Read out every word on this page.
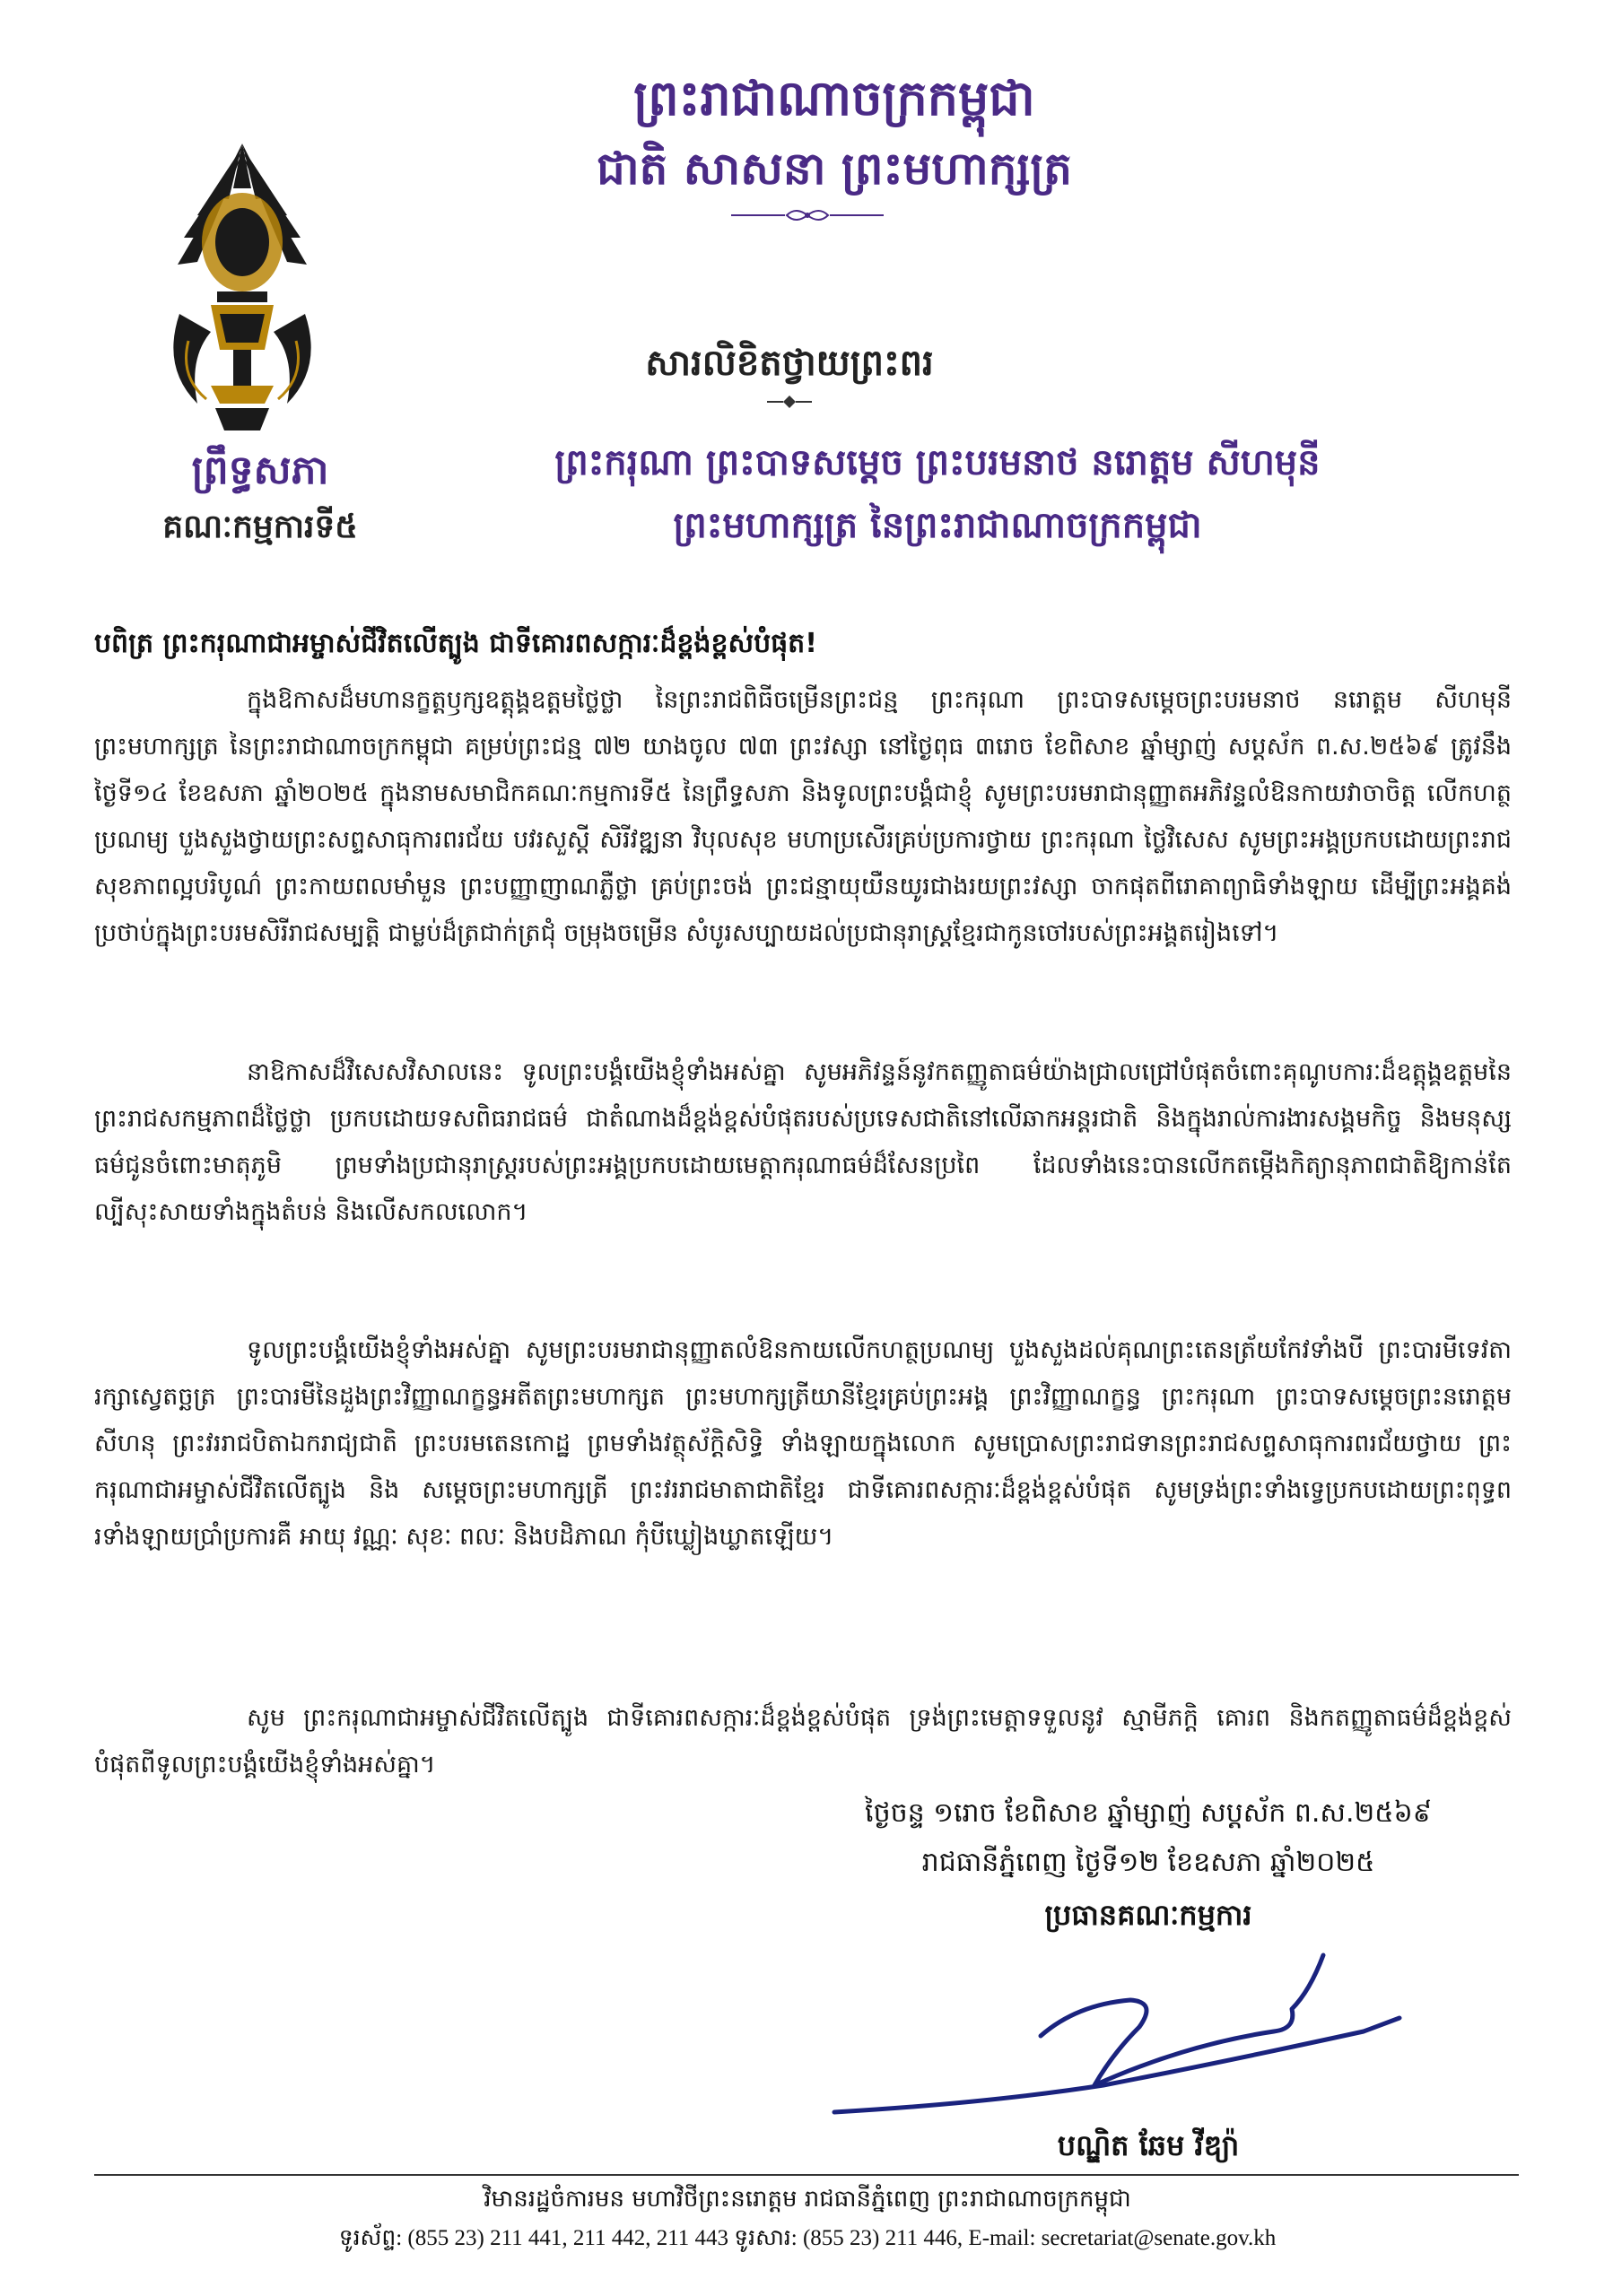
ព្រះរាជាណាចក្រកម្ពុជា
ជាតិ សាសនា ព្រះមហាក្សត្រ
សារលិខិតថ្វាយព្រះពរ
ព្រឹទ្ធសភា
គណៈកម្មការទី៥
ព្រះករុណា ព្រះបាទសម្តេច ព្រះបរមនាថ នរោត្តម សីហមុនី
ព្រះមហាក្សត្រ នៃព្រះរាជាណាចក្រកម្ពុជា
បពិត្រ ព្រះករុណាជាអម្ចាស់ជីវិតលើត្បូង ជាទីគោរពសក្ការៈដ៏ខ្ពង់ខ្ពស់បំផុត!
ក្នុងឱកាសដ៏មហានក្ខត្តឫក្សឧត្តុង្គឧត្តមថ្លៃថ្លា នៃព្រះរាជពិធីចម្រើនព្រះជន្ម ព្រះករុណា ព្រះបាទសម្តេចព្រះបរមនាថ នរោត្តម សីហមុនី ព្រះមហាក្សត្រ នៃព្រះរាជាណាចក្រកម្ពុជា គម្រប់ព្រះជន្ម ៧២ យាងចូល ៧៣ ព្រះវស្សា នៅថ្ងៃពុធ ៣រោច ខែពិសាខ ឆ្នាំម្សាញ់ សប្តស័ក ព.ស.២៥៦៩ ត្រូវនឹងថ្ងៃទី១៤ ខែឧសភា ឆ្នាំ២០២៥ ក្នុងនាមសមាជិកគណៈកម្មការទី៥ នៃព្រឹទ្ធសភា និងទូលព្រះបង្គំជាខ្ញុំ សូមព្រះបរមរាជានុញ្ញាតអភិវន្ទលំឱនកាយវាចាចិត្ត លើកហត្ថប្រណម្យ បួងសួងថ្វាយព្រះសព្ទសាធុការពរជ័យ បវរសួស្តី សិរីវឌ្ឍនា វិបុលសុខ មហាប្រសើរគ្រប់ប្រការថ្វាយ ព្រះករុណា ថ្លៃវិសេស សូមព្រះអង្គប្រកបដោយព្រះរាជសុខភាពល្អបរិបូណ៌ ព្រះកាយពលមាំមួន ព្រះបញ្ញាញាណភ្លឺថ្លា គ្រប់ព្រះចង់ ព្រះជន្មាយុយឺនយូរជាងរយព្រះវស្សា ចាកផុតពីរោគាព្យាធិទាំងឡាយ ដើម្បីព្រះអង្គគង់ប្រថាប់ក្នុងព្រះបរមសិរីរាជសម្បត្តិ ជាម្លប់ដ៏ត្រជាក់ត្រជុំ ចម្រុងចម្រើន សំបូរសប្បាយដល់ប្រជានុរាស្ត្រខ្មែរជាកូនចៅរបស់ព្រះអង្គតរៀងទៅ។
នាឱកាសដ៏វិសេសវិសាលនេះ ទូលព្រះបង្គំយើងខ្ញុំទាំងអស់គ្នា សូមអភិវន្ទន៍នូវកតញ្ញូតាធម៌យ៉ាងជ្រាលជ្រៅបំផុតចំពោះគុណូបការៈដ៏ឧត្តុង្គឧត្តមនៃព្រះរាជសកម្មភាពដ៏ថ្លៃថ្លា ប្រកបដោយទសពិធរាជធម៌ ជាតំណាងដ៏ខ្ពង់ខ្ពស់បំផុតរបស់ប្រទេសជាតិនៅលើឆាកអន្តរជាតិ និងក្នុងរាល់ការងារសង្គមកិច្ច និងមនុស្សធម៌ជូនចំពោះមាតុភូមិ ព្រមទាំងប្រជានុរាស្ត្ររបស់ព្រះអង្គប្រកបដោយមេត្តាករុណាធម៌ដ៏សែនប្រពៃ ដែលទាំងនេះបានលើកតម្កើងកិត្យានុភាពជាតិឱ្យកាន់តែល្បីសុះសាយទាំងក្នុងតំបន់ និងលើសកលលោក។
ទូលព្រះបង្គំយើងខ្ញុំទាំងអស់គ្នា សូមព្រះបរមរាជានុញ្ញាតលំឱនកាយលើកហត្ថប្រណម្យ បួងសួងដល់គុណព្រះតេនត្រ័យកែវទាំងបី ព្រះបារមីទេវតារក្សាស្វេតច្ឆត្រ ព្រះបារមីនៃដួងព្រះវិញ្ញាណក្ខន្ធអតីតព្រះមហាក្សត ព្រះមហាក្សត្រីយានីខ្មែរគ្រប់ព្រះអង្គ ព្រះវិញ្ញាណក្ខន្ធ ព្រះករុណា ព្រះបាទសម្តេចព្រះនរោត្តម សីហនុ ព្រះវររាជបិតាឯករាជ្យជាតិ ព្រះបរមតេនកោដ្ឋ ព្រមទាំងវត្ថុស័ក្តិសិទ្ធិ ទាំងឡាយក្នុងលោក សូមប្រោសព្រះរាជទានព្រះរាជសព្ទសាធុការពរជ័យថ្វាយ ព្រះករុណាជាអម្ចាស់ជីវិតលើត្បូង និង សម្តេចព្រះមហាក្សត្រី ព្រះវររាជមាតាជាតិខ្មែរ ជាទីគោរពសក្ការៈដ៏ខ្ពង់ខ្ពស់បំផុត សូមទ្រង់ព្រះទាំងទ្វេប្រកបដោយព្រះពុទ្ធពរទាំងឡាយប្រាំប្រការគឺ អាយុ វណ្ណៈ សុខៈ ពលៈ និងបដិភាណ កុំបីឃ្លៀងឃ្លាតឡើយ។
សូម ព្រះករុណាជាអម្ចាស់ជីវិតលើត្បូង ជាទីគោរពសក្ការៈដ៏ខ្ពង់ខ្ពស់បំផុត ទ្រង់ព្រះមេត្តាទទួលនូវ ស្មាមីភក្តិ គោរព និងកតញ្ញូតាធម៌ដ៏ខ្ពង់ខ្ពស់បំផុតពីទូលព្រះបង្គំយើងខ្ញុំទាំងអស់គ្នា។
ថ្ងៃចន្ទ ១រោច ខែពិសាខ ឆ្នាំម្សាញ់ សប្តស័ក ព.ស.២៥៦៩
រាជធានីភ្នំពេញ ថ្ងៃទី១២ ខែឧសភា ឆ្នាំ២០២៥
ប្រធានគណៈកម្មការ
បណ្ឌិត ឆែម វីឌ្យ៉ា
វិមានរដ្ឋចំការមន មហាវិថីព្រះនរោត្តម រាជធានីភ្នំពេញ ព្រះរាជាណាចក្រកម្ពុជា
ទូរស័ព្ទ: (855 23) 211 441, 211 442, 211 443 ទូរសារ: (855 23) 211 446, E-mail: secretariat@senate.gov.kh
